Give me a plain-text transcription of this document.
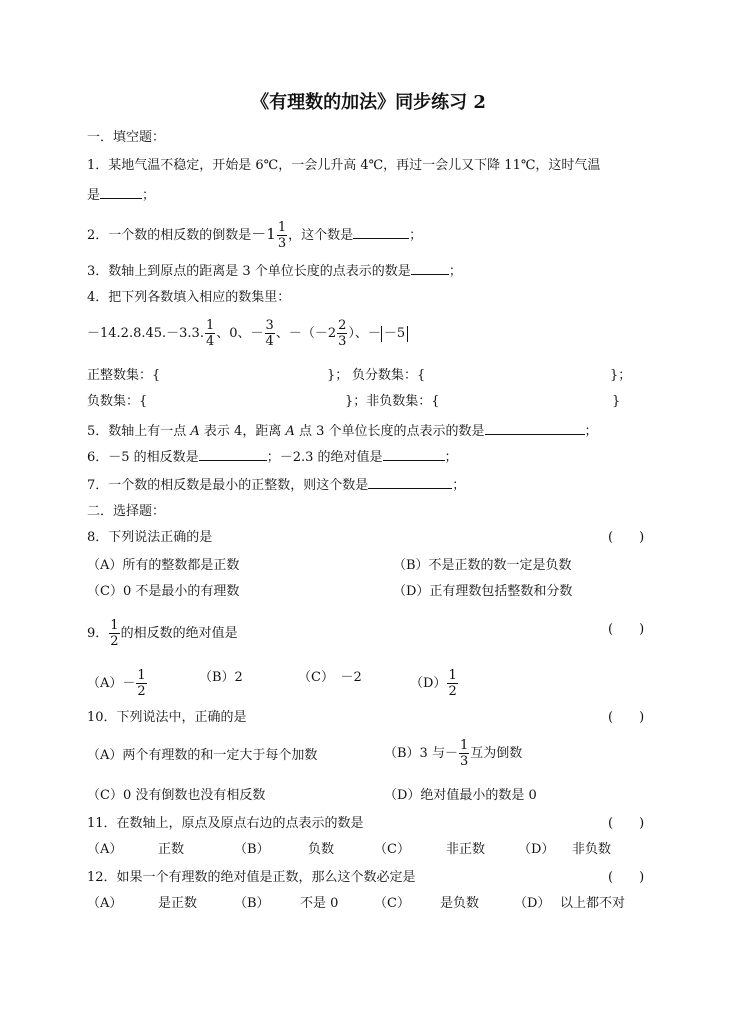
《有理数的加法》同步练习 2
一．填空题：
1．某地气温不稳定，开始是 6℃，一会儿升高 4℃，再过一会儿又下降 11℃，这时气温
是	；
2．一个数的相反数的倒数是$-1 \frac{1}{3}$ ，这个数是	；
3．数轴上到原点的距离是 3 个单位长度的点表示的数是	；
4．把下列各数填入相应的数集里：
－14.2.8.45.－3.3. $\frac{1}{4}$ 、0、－ $\frac{3}{4}$ 、$-(-2 \frac{2}{3}$ ）、－ －5
正整数集：{	}； 负分数集：{	}；
负数集：{	}；非负数集：{	}
5．数轴上有一点 A 表示 4，距离 A 点 3 个单位长度的点表示的数是	；
6．－5 的相反数是	；－2.3 的绝对值是	；
7．一个数的相反数是最小的正整数，则这个数是	；
二．选择题：
8．下列说法正确的是	(　　)
（A）所有的整数都是正数	（B）不是正数的数一定是负数
（C）0 不是最小的有理数	（D）正有理数包括整数和分数
9． $\frac{1}{2}$ 的相反数的绝对值是	(　　)
$(A)- \frac{1}{2}$	（B）2	（C）　－2	$(D) \frac{1}{2}$
10．下列说法中，正确的是	(　　)
（A）两个有理数的和一定大于每个加数	（B）3 与－ $\frac{1}{3}$ 互为倒数
（C）0 没有倒数也没有相反数	（D）绝对值最小的数是 0
11．在数轴上，原点及原点右边的点表示的数是	(　　)
（A）	正数	（B）	负数	（C）	非正数	（D） 非负数
12．如果一个有理数的绝对值是正数，那么这个数必定是	(　　)
（A）	是正数	（B） 不是 0	（C） 是负数	（D） 以上都不对
